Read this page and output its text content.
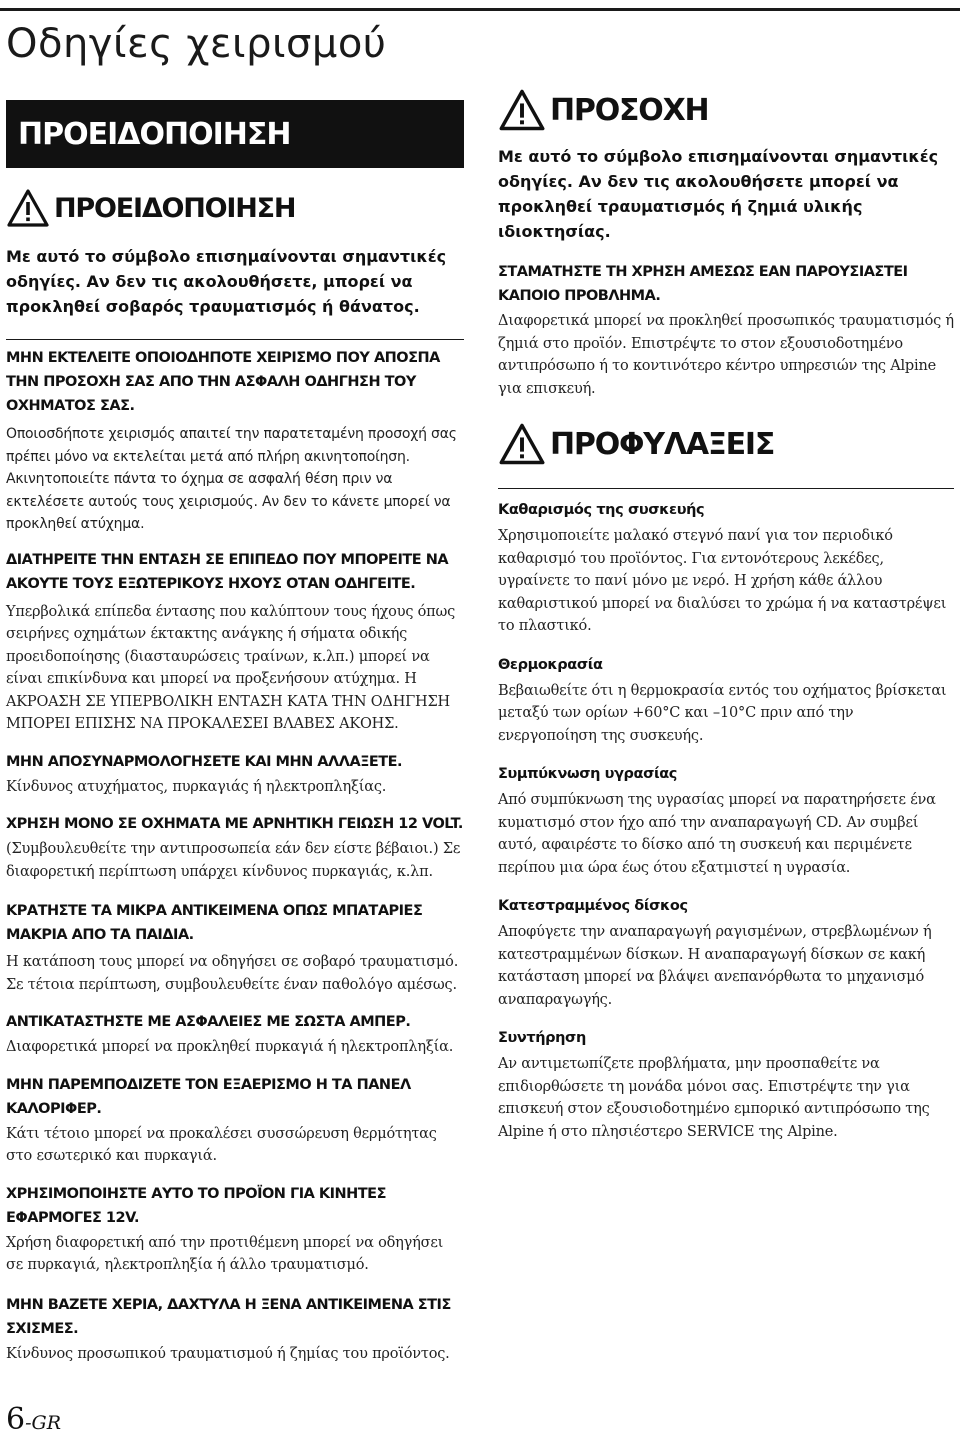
Οδηγίες χειρισμού
ΠΡΟΕΙΔΟΠΟΙΗΣΗ
ΠΡΟΕΙΔΟΠΟΙΗΣΗ

Με αυτό το σύμβολο επισημαίνονται σημαντικές οδηγίες. Αν δεν τις ακολουθήσετε, μπορεί να προκληθεί σοβαρός τραυματισμός ή θάνατος.

ΜΗΝ ΕΚΤΕΛΕΙΤΕ ΟΠΟΙΟΔΗΠΟΤΕ ΧΕΙΡΙΣΜΟ ΠΟΥ ΑΠΟΣΠΑ ΤΗΝ ΠΡΟΣΟΧΗ ΣΑΣ ΑΠΟ ΤΗΝ ΑΣΦΑΛΗ ΟΔΗΓΗΣΗ ΤΟΥ ΟΧΗΜΑΤΟΣ ΣΑΣ.

Οποιοσδήποτε χειρισμός απαιτεί την παρατεταμένη προσοχή σας πρέπει μόνο να εκτελείται μετά από πλήρη ακινητοποίηση. Ακινητοποιείτε πάντα το όχημα σε ασφαλή θέση πριν να εκτελέσετε αυτούς τους χειρισμούς. Αν δεν το κάνετε μπορεί να προκληθεί ατύχημα.

ΔΙΑΤΗΡΕΙΤΕ ΤΗΝ ΕΝΤΑΣΗ ΣΕ ΕΠΙΠΕΔΟ ΠΟΥ ΜΠΟΡΕΙΤΕ ΝΑ ΑΚΟΥΤΕ ΤΟΥΣ ΕΞΩΤΕΡΙΚΟΥΣ ΗΧΟΥΣ ΟΤΑΝ ΟΔΗΓΕΙΤΕ.

Υπερβολικά επίπεδα έντασης που καλύπτουν τους ήχους όπως σειρήνες οχημάτων έκτακτης ανάγκης ή σήματα οδικής προειδοποίησης (διασταυρώσεις τραίνων, κ.λπ.) μπορεί να είναι επικίνδυνα και μπορεί να προξενήσουν ατύχημα. Η ΑΚΡΟΑΣΗ ΣΕ ΥΠΕΡΒΟΛΙΚΗ ΕΝΤΑΣΗ ΚΑΤΑ ΤΗΝ ΟΔΗΓΗΣΗ ΜΠΟΡΕΙ ΕΠΙΣΗΣ ΝΑ ΠΡΟΚΑΛΕΣΕΙ ΒΛΑΒΕΣ ΑΚΟΗΣ.

ΜΗΝ ΑΠΟΣΥΝΑΡΜΟΛΟΓΗΣΕΤΕ ΚΑΙ ΜΗΝ ΑΛΛΑΞΕΤΕ.

Κίνδυνος ατυχήματος, πυρκαγιάς ή ηλεκτροπληξίας.

ΧΡΗΣΗ ΜΟΝΟ ΣΕ ΟΧΗΜΑΤΑ ΜΕ ΑΡΝΗΤΙΚΗ ΓΕΙΩΣΗ 12 VOLT.

(Συμβουλευθείτε την αντιπροσωπεία εάν δεν είστε βέβαιοι.) Σε διαφορετική περίπτωση υπάρχει κίνδυνος πυρκαγιάς, κ.λπ.

ΚΡΑΤΗΣΤΕ ΤΑ ΜΙΚΡΑ ΑΝΤΙΚΕΙΜΕΝΑ ΟΠΩΣ ΜΠΑΤΑΡΙΕΣ ΜΑΚΡΙΑ ΑΠΟ ΤΑ ΠΑΙΔΙΑ.

Η κατάποση τους μπορεί να οδηγήσει σε σοβαρό τραυματισμό. Σε τέτοια περίπτωση, συμβουλευθείτε έναν παθολόγο αμέσως.

ΑΝΤΙΚΑΤΑΣΤΗΣΤΕ ΜΕ ΑΣΦΑΛΕΙΕΣ ΜΕ ΣΩΣΤΑ ΑΜΠΕΡ.

Διαφορετικά μπορεί να προκληθεί πυρκαγιά ή ηλεκτροπληξία.

ΜΗΝ ΠΑΡΕΜΠΟΔΙΖΕΤΕ ΤΟΝ ΕΞΑΕΡΙΣΜΟ Η ΤΑ ΠΑΝΕΛ ΚΑΛΟΡΙΦΕΡ.

Κάτι τέτοιο μπορεί να προκαλέσει συσσώρευση θερμότητας στο εσωτερικό και πυρκαγιά.

ΧΡΗΣΙΜΟΠΟΙΗΣΤΕ ΑΥΤΟ ΤΟ ΠΡΟΪΟΝ ΓΙΑ ΚΙΝΗΤΕΣ ΕΦΑΡΜΟΓΕΣ 12V.

Χρήση διαφορετική από την προτιθέμενη μπορεί να οδηγήσει σε πυρκαγιά, ηλεκτροπληξία ή άλλο τραυματισμό.

ΜΗΝ ΒΑΖΕΤΕ ΧΕΡΙΑ, ΔΑΧΤΥΛΑ Η ΞΕΝΑ ΑΝΤΙΚΕΙΜΕΝΑ ΣΤΙΣ ΣΧΙΣΜΕΣ.

Κίνδυνος προσωπικού τραυματισμού ή ζημίας του προϊόντος.

ΠΡΟΣΟΧΗ

Με αυτό το σύμβολο επισημαίνονται σημαντικές οδηγίες. Αν δεν τις ακολουθήσετε μπορεί να προκληθεί τραυματισμός ή ζημιά υλικής ιδιοκτησίας.

ΣΤΑΜΑΤΗΣΤΕ ΤΗ ΧΡΗΣΗ ΑΜΕΣΩΣ ΕΑΝ ΠΑΡΟΥΣΙΑΣΤΕΙ ΚΑΠΟΙΟ ΠΡΟΒΛΗΜΑ.

Διαφορετικά μπορεί να προκληθεί προσωπικός τραυματισμός ή ζημιά στο προϊόν. Επιστρέψτε το στον εξουσιοδοτημένο αντιπρόσωπο ή το κοντινότερο κέντρο υπηρεσιών της Alpine για επισκευή.

ΠΡΟΦΥΛΑΞΕΙΣ

Καθαρισμός της συσκευής

Χρησιμοποιείτε μαλακό στεγνό πανί για τον περιοδικό καθαρισμό του προϊόντος. Για εντονότερους λεκέδες, υγραίνετε το πανί μόνο με νερό. Η χρήση κάθε άλλου καθαριστικού μπορεί να διαλύσει το χρώμα ή να καταστρέψει το πλαστικό.

Θερμοκρασία

Βεβαιωθείτε ότι η θερμοκρασία εντός του οχήματος βρίσκεται μεταξύ των ορίων +60°C και –10°C πριν από την ενεργοποίηση της συσκευής.

Συμπύκνωση υγρασίας

Από συμπύκνωση της υγρασίας μπορεί να παρατηρήσετε ένα κυματισμό στον ήχο από την αναπαραγωγή CD. Αν συμβεί αυτό, αφαιρέστε το δίσκο από τη συσκευή και περιμένετε περίπου μια ώρα έως ότου εξατμιστεί η υγρασία.

Κατεστραμμένος δίσκος

Αποφύγετε την αναπαραγωγή ραγισμένων, στρεβλωμένων ή κατεστραμμένων δίσκων. Η αναπαραγωγή δίσκων σε κακή κατάσταση μπορεί να βλάψει ανεπανόρθωτα το μηχανισμό αναπαραγωγής.

Συντήρηση

Αν αντιμετωπίζετε προβλήματα, μην προσπαθείτε να επιδιορθώσετε τη μονάδα μόνοι σας. Επιστρέψτε την για επισκευή στον εξουσιοδοτημένο εμπορικό αντιπρόσωπο της Alpine ή στο πλησιέστερο SERVICE της Alpine.

6-GR
